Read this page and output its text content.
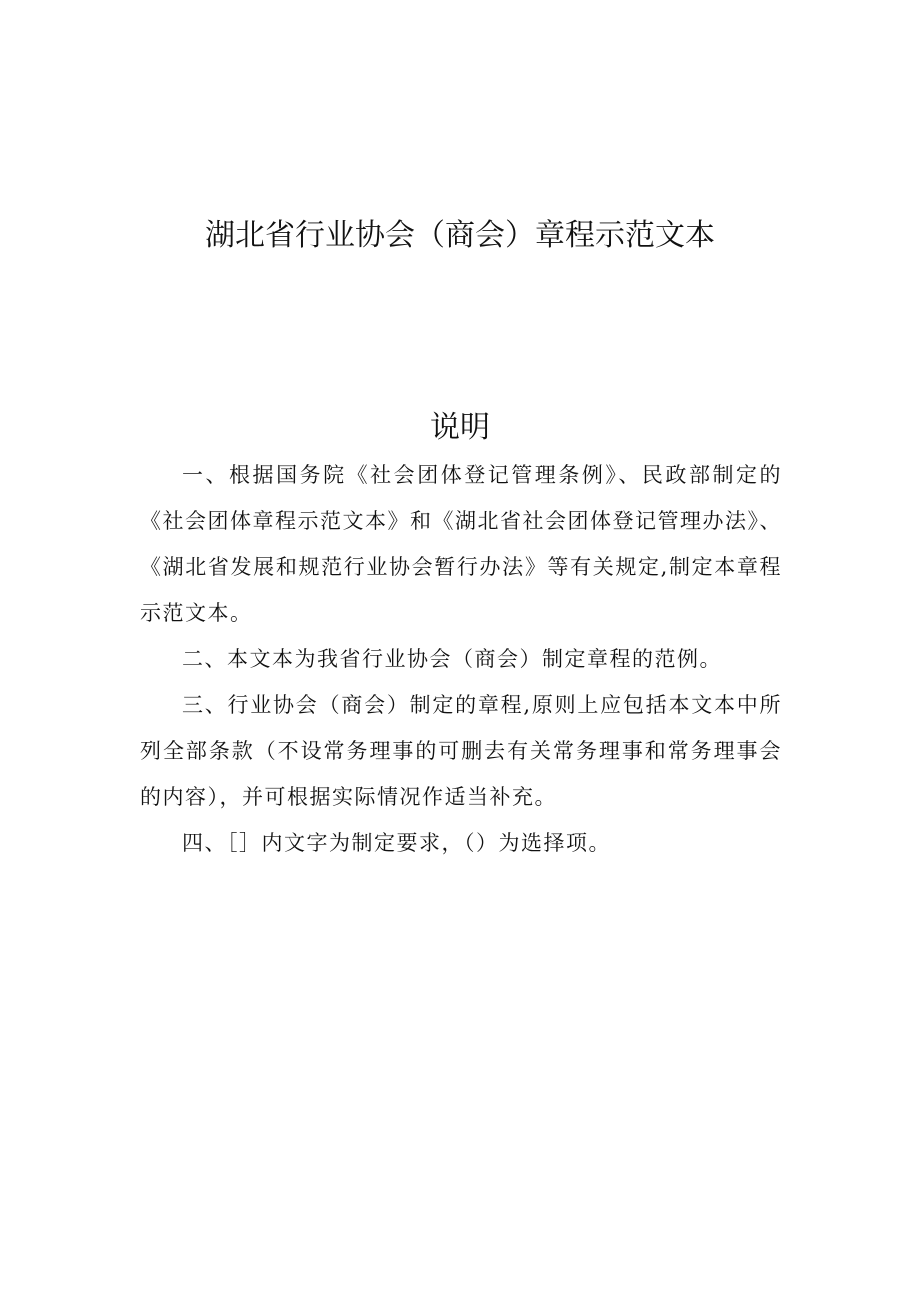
湖北省行业协会（商会）章程示范文本
说明

一、根据国务院《社会团体登记管理条例》、民政部制定的《社会团体章程示范文本》和《湖北省社会团体登记管理办法》、《湖北省发展和规范行业协会暂行办法》等有关规定,制定本章程示范文本。

二、本文本为我省行业协会（商会）制定章程的范例。

三、行业协会（商会）制定的章程,原则上应包括本文本中所列全部条款（不设常务理事的可删去有关常务理事和常务理事会的内容），并可根据实际情况作适当补充。

四、［］内文字为制定要求，（）为选择项。
